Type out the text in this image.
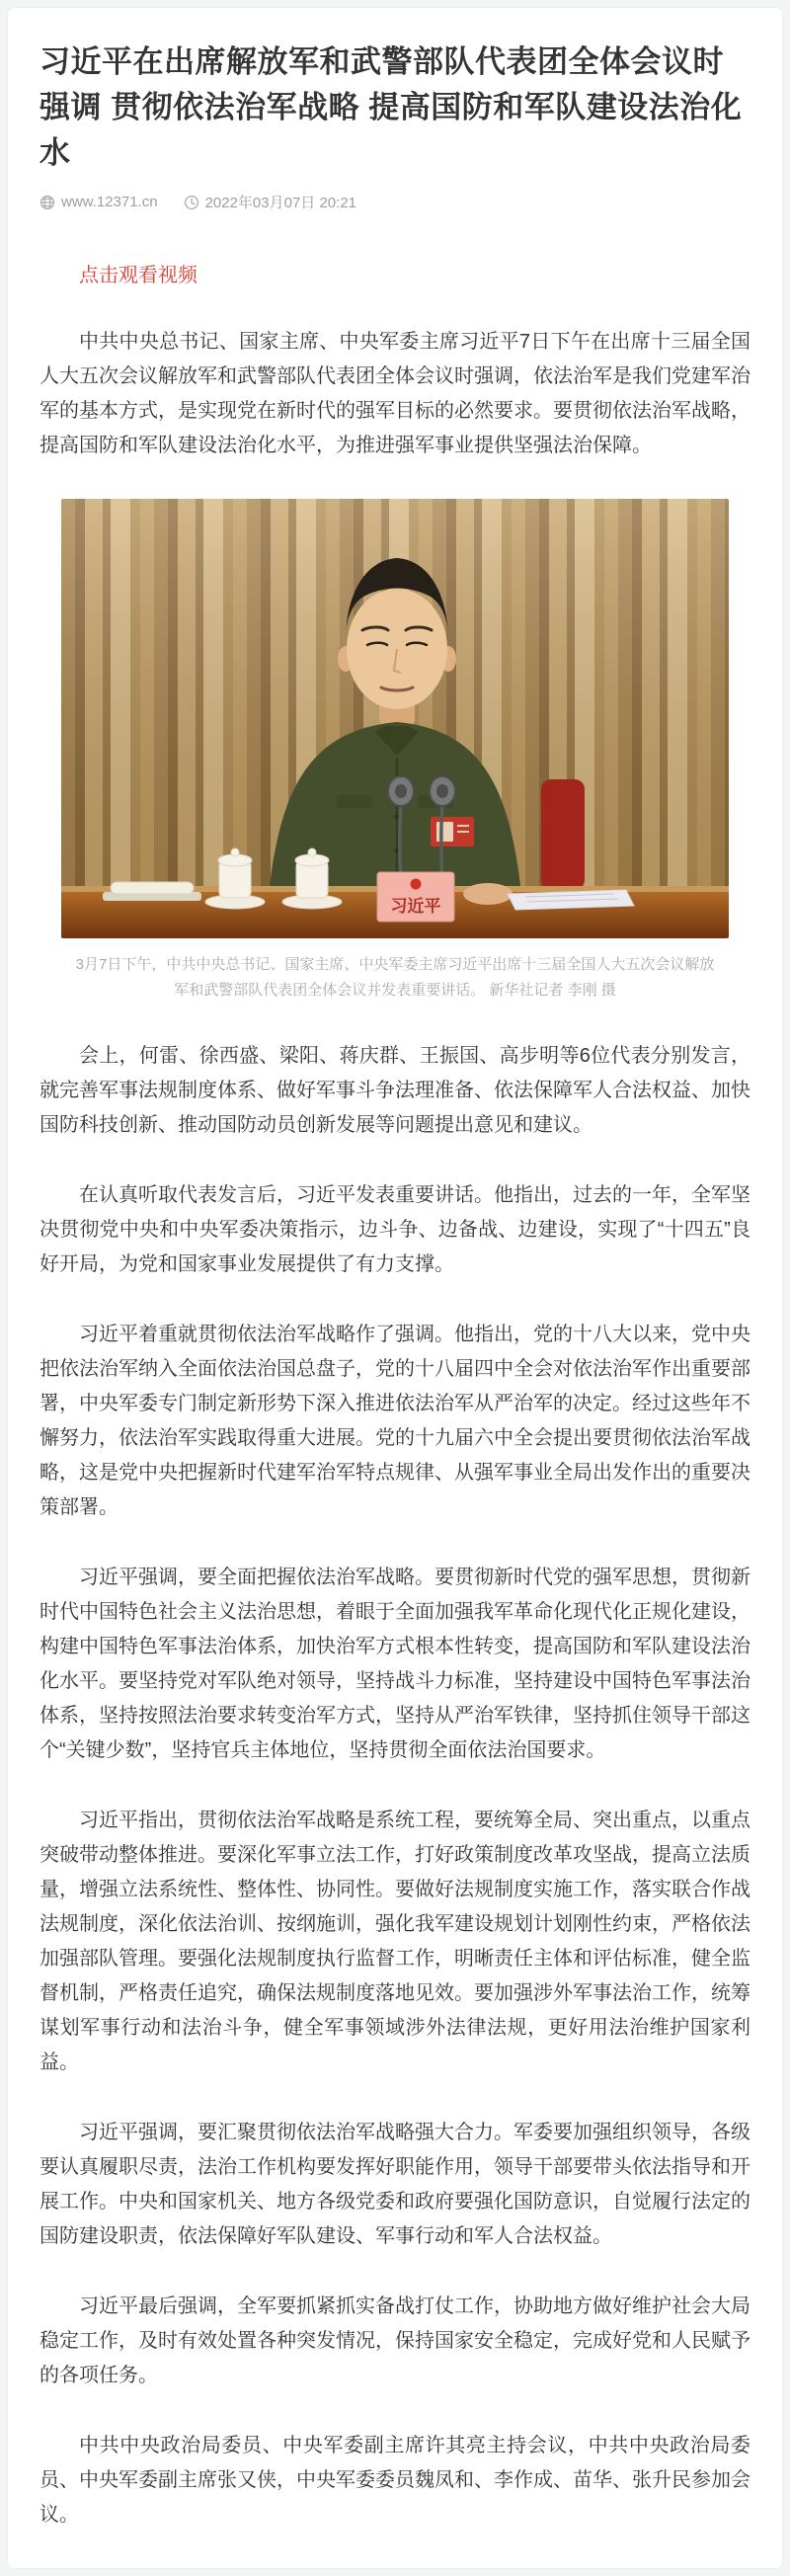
习近平在出席解放军和武警部队代表团全体会议时强调 贯彻依法治军战略 提高国防和军队建设法治化水
www.12371.cn	2022年03月07日 20:21

点击观看视频

中共中央总书记、国家主席、中央军委主席习近平7日下午在出席十三届全国人大五次会议解放军和武警部队代表团全体会议时强调，依法治军是我们党建军治军的基本方式，是实现党在新时代的强军目标的必然要求。要贯彻依法治军战略，提高国防和军队建设法治化水平，为推进强军事业提供坚强法治保障。

习近平

3月7日下午，中共中央总书记、国家主席、中央军委主席习近平出席十三届全国人大五次会议解放军和武警部队代表团全体会议并发表重要讲话。 新华社记者 李刚 摄

会上，何雷、徐西盛、梁阳、蒋庆群、王振国、高步明等6位代表分别发言，就完善军事法规制度体系、做好军事斗争法理准备、依法保障军人合法权益、加快国防科技创新、推动国防动员创新发展等问题提出意见和建议。

在认真听取代表发言后，习近平发表重要讲话。他指出，过去的一年，全军坚决贯彻党中央和中央军委决策指示，边斗争、边备战、边建设，实现了“十四五”良好开局，为党和国家事业发展提供了有力支撑。

习近平着重就贯彻依法治军战略作了强调。他指出，党的十八大以来，党中央把依法治军纳入全面依法治国总盘子，党的十八届四中全会对依法治军作出重要部署，中央军委专门制定新形势下深入推进依法治军从严治军的决定。经过这些年不懈努力，依法治军实践取得重大进展。党的十九届六中全会提出要贯彻依法治军战略，这是党中央把握新时代建军治军特点规律、从强军事业全局出发作出的重要决策部署。

习近平强调，要全面把握依法治军战略。要贯彻新时代党的强军思想，贯彻新时代中国特色社会主义法治思想，着眼于全面加强我军革命化现代化正规化建设，构建中国特色军事法治体系，加快治军方式根本性转变，提高国防和军队建设法治化水平。要坚持党对军队绝对领导，坚持战斗力标准，坚持建设中国特色军事法治体系，坚持按照法治要求转变治军方式，坚持从严治军铁律，坚持抓住领导干部这个“关键少数”，坚持官兵主体地位，坚持贯彻全面依法治国要求。

习近平指出，贯彻依法治军战略是系统工程，要统筹全局、突出重点，以重点突破带动整体推进。要深化军事立法工作，打好政策制度改革攻坚战，提高立法质量，增强立法系统性、整体性、协同性。要做好法规制度实施工作，落实联合作战法规制度，深化依法治训、按纲施训，强化我军建设规划计划刚性约束，严格依法加强部队管理。要强化法规制度执行监督工作，明晰责任主体和评估标准，健全监督机制，严格责任追究，确保法规制度落地见效。要加强涉外军事法治工作，统筹谋划军事行动和法治斗争，健全军事领域涉外法律法规，更好用法治维护国家利益。

习近平强调，要汇聚贯彻依法治军战略强大合力。军委要加强组织领导，各级要认真履职尽责，法治工作机构要发挥好职能作用，领导干部要带头依法指导和开展工作。中央和国家机关、地方各级党委和政府要强化国防意识，自觉履行法定的国防建设职责，依法保障好军队建设、军事行动和军人合法权益。

习近平最后强调，全军要抓紧抓实备战打仗工作，协助地方做好维护社会大局稳定工作，及时有效处置各种突发情况，保持国家安全稳定，完成好党和人民赋予的各项任务。

中共中央政治局委员、中央军委副主席许其亮主持会议，中共中央政治局委员、中央军委副主席张又侠，中央军委委员魏凤和、李作成、苗华、张升民参加会议。
